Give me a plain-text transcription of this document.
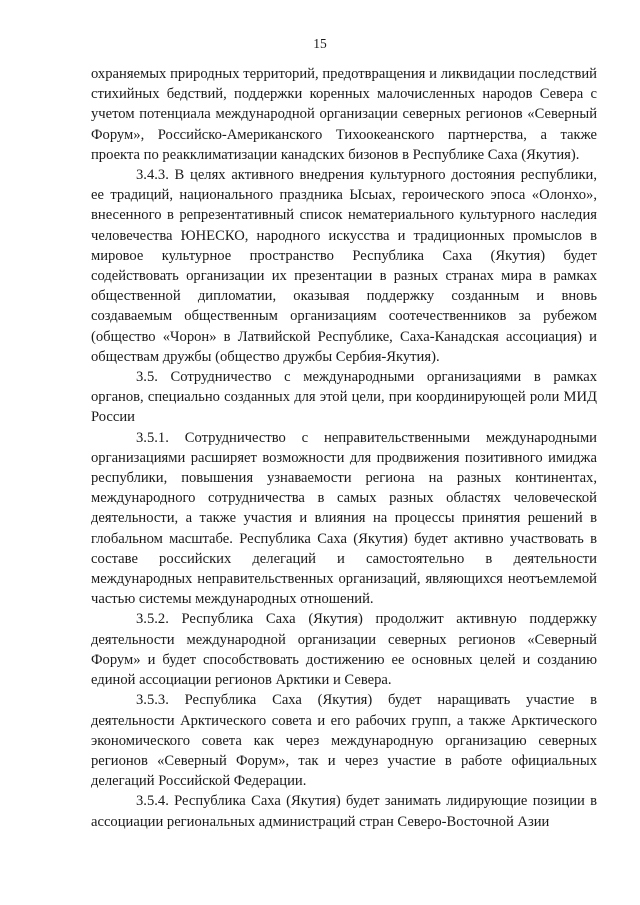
15

охраняемых природных территорий, предотвращения и ликвидации последствий стихийных бедствий, поддержки коренных малочисленных народов Севера с учетом потенциала международной организации северных регионов «Северный Форум», Российско-Американского Тихоокеанского партнерства, а также проекта по реакклиматизации канадских бизонов в Республике Саха (Якутия).

3.4.3. В целях активного внедрения культурного достояния республики, ее традиций, национального праздника Ысыах, героического эпоса «Олонхо», внесенного в репрезентативный список нематериального культурного наследия человечества ЮНЕСКО, народного искусства и традиционных промыслов в мировое культурное пространство Республика Саха (Якутия) будет содействовать организации их презентации в разных странах мира в рамках общественной дипломатии, оказывая поддержку созданным и вновь создаваемым общественным организациям соотечественников за рубежом (общество «Чорон» в Латвийской Республике, Саха-Канадская ассоциация) и обществам дружбы (общество дружбы Сербия-Якутия).

3.5. Сотрудничество с международными организациями в рамках органов, специально созданных для этой цели, при координирующей роли МИД России

3.5.1. Сотрудничество с неправительственными международными организациями расширяет возможности для продвижения позитивного имиджа республики, повышения узнаваемости региона на разных континентах, международного сотрудничества в самых разных областях человеческой деятельности, а также участия и влияния на процессы принятия решений в глобальном масштабе. Республика Саха (Якутия) будет активно участвовать в составе российских делегаций и самостоятельно в деятельности международных неправительственных организаций, являющихся неотъемлемой частью системы международных отношений.

3.5.2. Республика Саха (Якутия) продолжит активную поддержку деятельности международной организации северных регионов «Северный Форум» и будет способствовать достижению ее основных целей и созданию единой ассоциации регионов Арктики и Севера.

3.5.3. Республика Саха (Якутия) будет наращивать участие в деятельности Арктического совета и его рабочих групп, а также Арктического экономического совета как через международную организацию северных регионов «Северный Форум», так и через участие в работе официальных делегаций Российской Федерации.

3.5.4. Республика Саха (Якутия) будет занимать лидирующие позиции в ассоциации региональных администраций стран Северо-Восточной Азии
